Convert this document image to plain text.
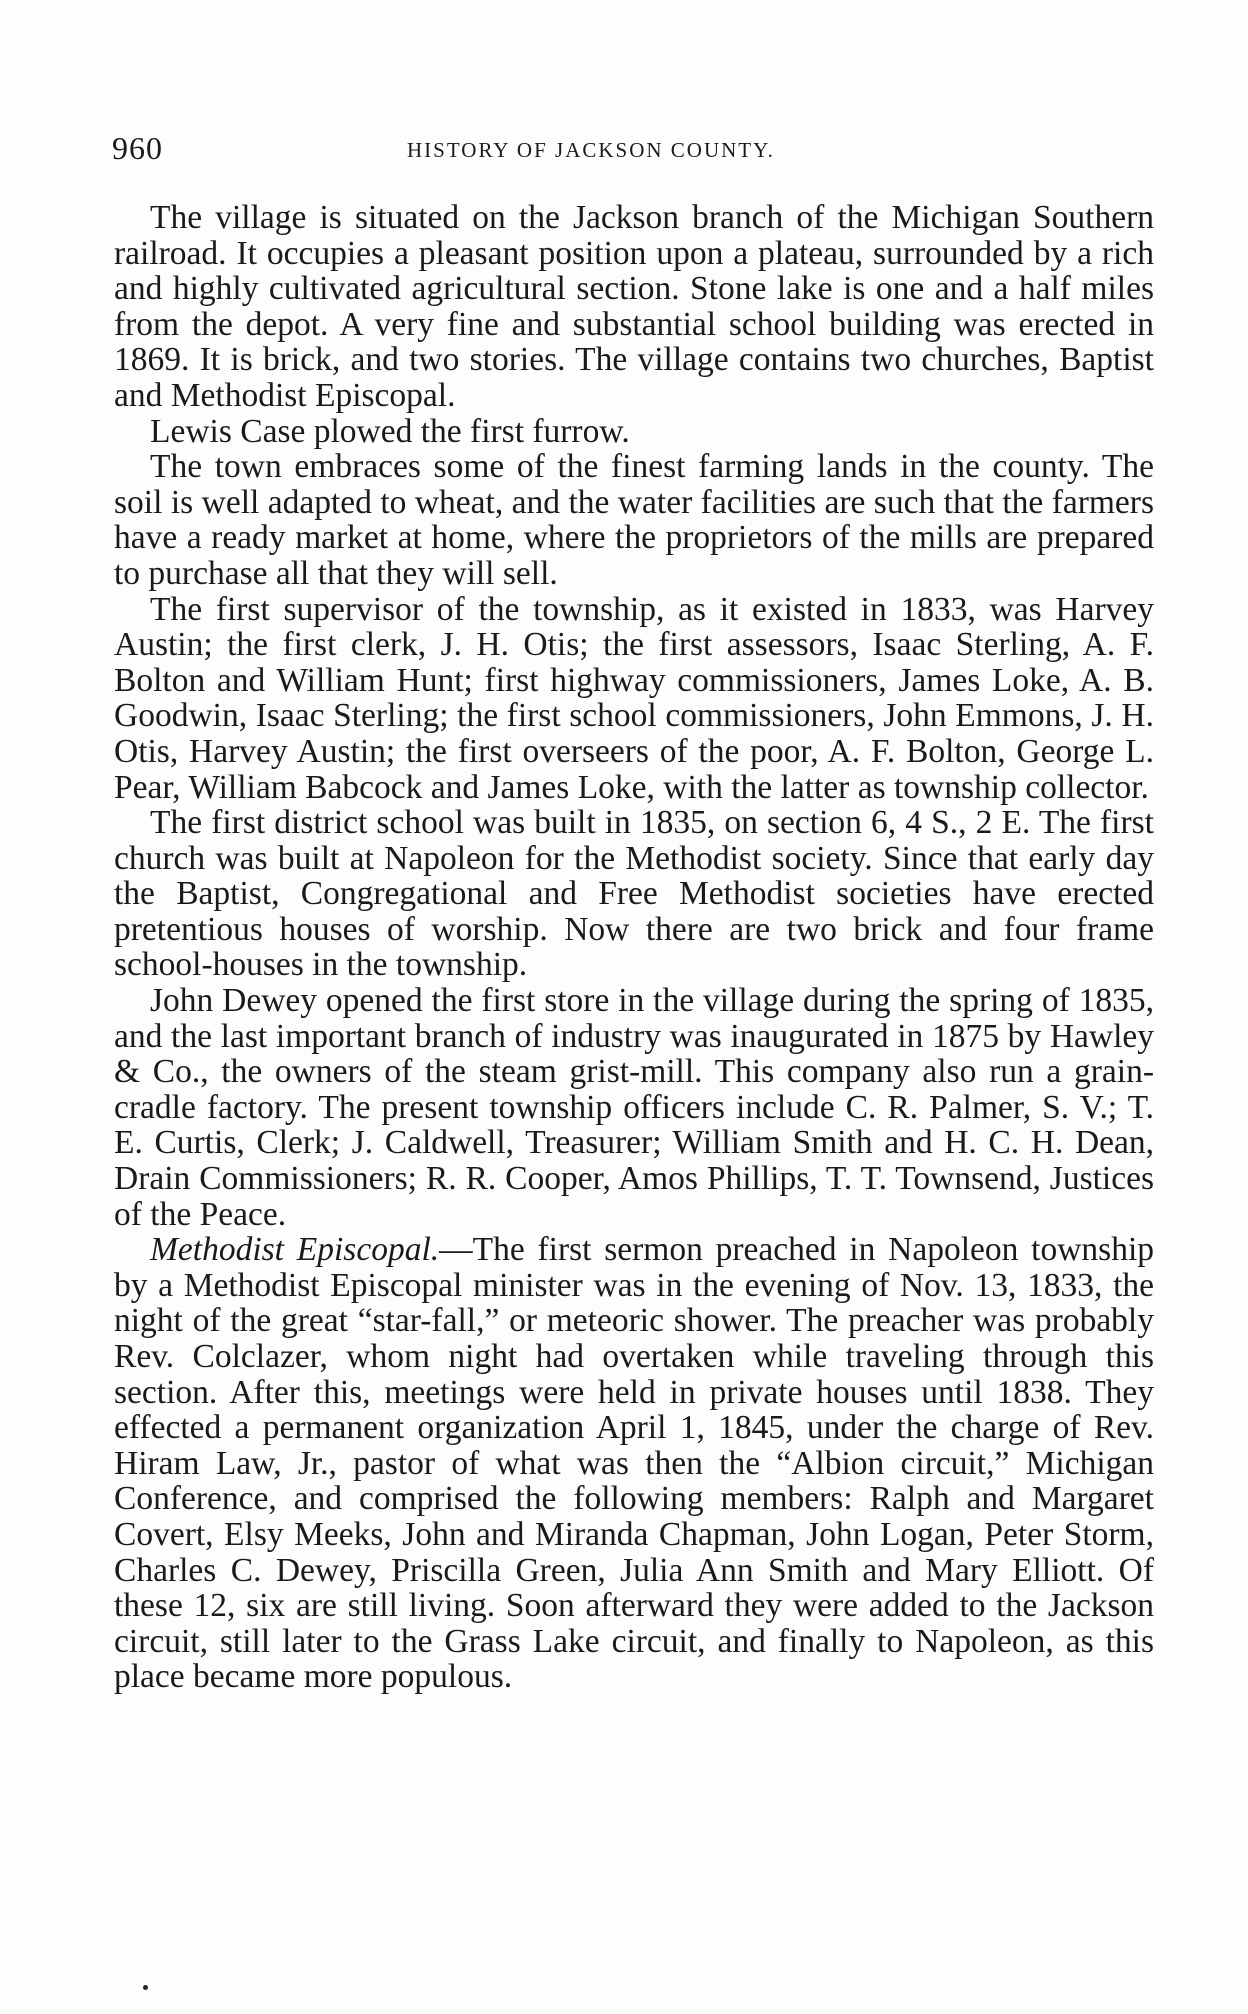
960	HISTORY OF JACKSON COUNTY.

The village is situated on the Jackson branch of the Michigan Southern railroad. It occupies a pleasant position upon a plateau, surrounded by a rich and highly cultivated agricultural section. Stone lake is one and a half miles from the depot. A very fine and substantial school building was erected in 1869. It is brick, and two stories. The village contains two churches, Baptist and Methodist Episcopal.

Lewis Case plowed the first furrow.

The town embraces some of the finest farming lands in the county. The soil is well adapted to wheat, and the water facilities are such that the farmers have a ready market at home, where the proprietors of the mills are prepared to purchase all that they will sell.

The first supervisor of the township, as it existed in 1833, was Harvey Austin; the first clerk, J. H. Otis; the first assessors, Isaac Sterling, A. F. Bolton and William Hunt; first highway commissioners, James Loke, A. B. Goodwin, Isaac Sterling; the first school commissioners, John Emmons, J. H. Otis, Harvey Austin; the first overseers of the poor, A. F. Bolton, George L. Pear, William Babcock and James Loke, with the latter as township collector.

The first district school was built in 1835, on section 6, 4 S., 2 E. The first church was built at Napoleon for the Methodist society. Since that early day the Baptist, Congregational and Free Methodist societies have erected pretentious houses of worship. Now there are two brick and four frame school-houses in the township.

John Dewey opened the first store in the village during the spring of 1835, and the last important branch of industry was inaugurated in 1875 by Hawley & Co., the owners of the steam grist-mill. This company also run a grain-cradle factory. The present township officers include C. R. Palmer, S. V.; T. E. Curtis, Clerk; J. Caldwell, Treasurer; William Smith and H. C. H. Dean, Drain Commissioners; R. R. Cooper, Amos Phillips, T. T. Townsend, Justices of the Peace.

Methodist Episcopal.—The first sermon preached in Napoleon township by a Methodist Episcopal minister was in the evening of Nov. 13, 1833, the night of the great “star-fall,” or meteoric shower. The preacher was probably Rev. Colclazer, whom night had overtaken while traveling through this section. After this, meetings were held in private houses until 1838. They effected a permanent organization April 1, 1845, under the charge of Rev. Hiram Law, Jr., pastor of what was then the “Albion circuit,” Michigan Conference, and comprised the following members: Ralph and Margaret Covert, Elsy Meeks, John and Miranda Chapman, John Logan, Peter Storm, Charles C. Dewey, Priscilla Green, Julia Ann Smith and Mary Elliott. Of these 12, six are still living. Soon afterward they were added to the Jackson circuit, still later to the Grass Lake circuit, and finally to Napoleon, as this place became more populous.
